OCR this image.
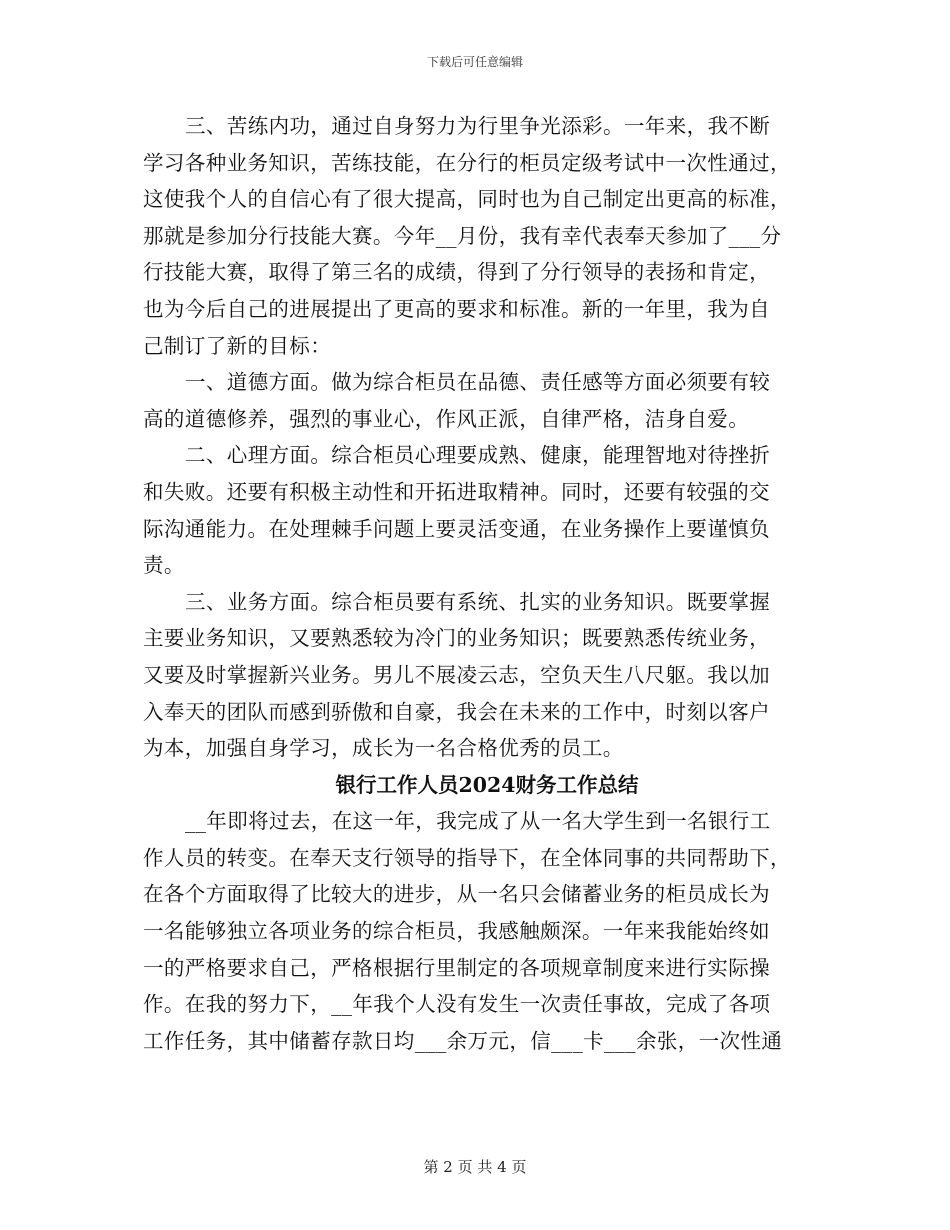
下载后可任意编辑
三、苦练内功，通过自身努力为行里争光添彩。一年来，我不断
学习各种业务知识，苦练技能，在分行的柜员定级考试中一次性通过，
这使我个人的自信心有了很大提高，同时也为自己制定出更高的标准，
那就是参加分行技能大赛。今年__月份，我有幸代表奉天参加了___分
行技能大赛，取得了第三名的成绩，得到了分行领导的表扬和肯定，
也为今后自己的进展提出了更高的要求和标准。新的一年里，我为自
己制订了新的目标：
一、道德方面。做为综合柜员在品德、责任感等方面必须要有较
高的道德修养，强烈的事业心，作风正派，自律严格，洁身自爱。
二、心理方面。综合柜员心理要成熟、健康，能理智地对待挫折
和失败。还要有积极主动性和开拓进取精神。同时，还要有较强的交
际沟通能力。在处理棘手问题上要灵活变通，在业务操作上要谨慎负
责。
三、业务方面。综合柜员要有系统、扎实的业务知识。既要掌握
主要业务知识，又要熟悉较为冷门的业务知识；既要熟悉传统业务，
又要及时掌握新兴业务。男儿不展凌云志，空负天生八尺躯。我以加
入奉天的团队而感到骄傲和自豪，我会在未来的工作中，时刻以客户
为本，加强自身学习，成长为一名合格优秀的员工。
银行工作人员2024财务工作总结
__年即将过去，在这一年，我完成了从一名大学生到一名银行工
作人员的转变。在奉天支行领导的指导下，在全体同事的共同帮助下，
在各个方面取得了比较大的进步，从一名只会储蓄业务的柜员成长为
一名能够独立各项业务的综合柜员，我感触颇深。一年来我能始终如
一的严格要求自己，严格根据行里制定的各项规章制度来进行实际操
作。在我的努力下，__年我个人没有发生一次责任事故，完成了各项
工作任务，其中储蓄存款日均___余万元，信___卡___余张，一次性通
第 2 页 共 4 页
